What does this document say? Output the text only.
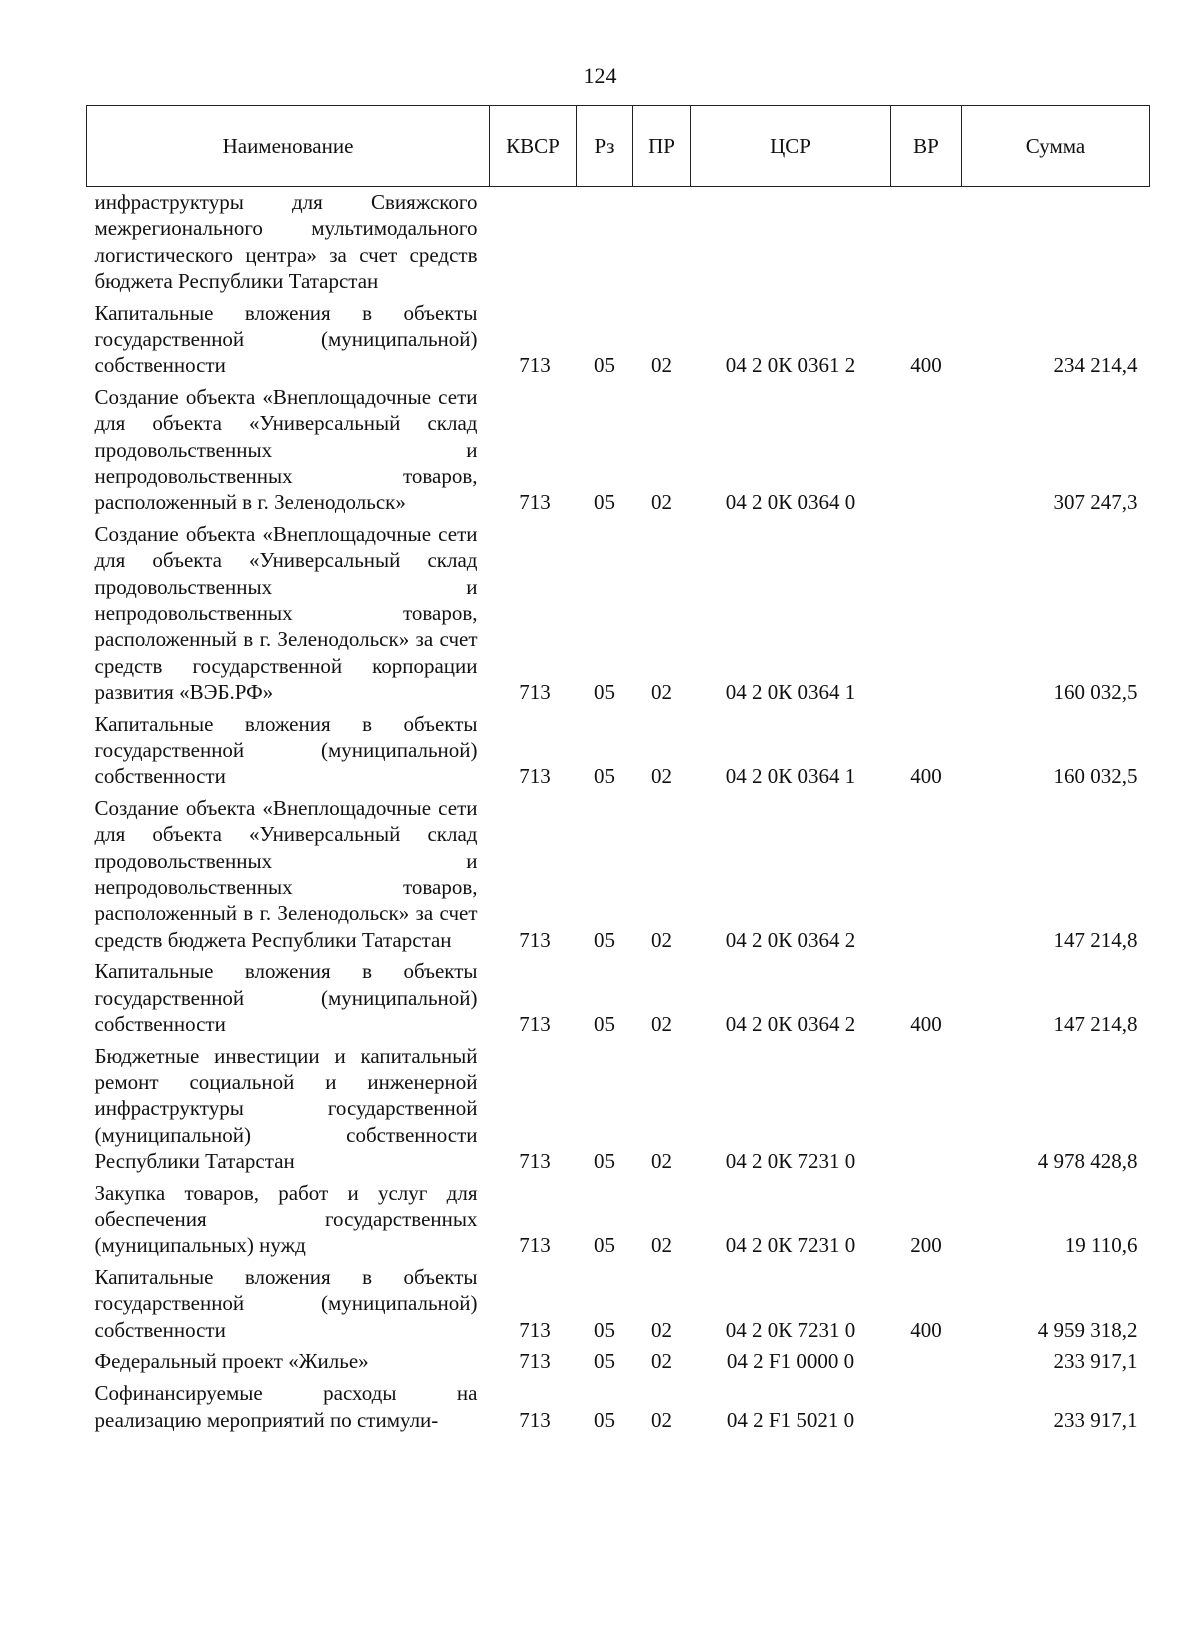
124
Наименование	КВСР	Рз	ПР	ЦСР	ВР	Сумма

инфраструктуры для Свияжского межрегионального мультимодального логистического центра» за счет средств бюджета Республики Татарстан						

Капитальные вложения в объекты государственной (муниципальной) собственности	713	05	02	04 2 0К 0361 2	400	234 214,4

Создание объекта «Внеплощадочные сети для объекта «Универсальный склад продовольственных и непродовольственных товаров, расположенный в г. Зеленодольск»	713	05	02	04 2 0К 0364 0		307 247,3

Создание объекта «Внеплощадочные сети для объекта «Универсальный склад продовольственных и непродовольственных товаров, расположенный в г. Зеленодольск» за счет средств государственной корпорации развития «ВЭБ.РФ»	713	05	02	04 2 0К 0364 1		160 032,5

Капитальные вложения в объекты государственной (муниципальной) собственности	713	05	02	04 2 0К 0364 1	400	160 032,5

Создание объекта «Внеплощадочные сети для объекта «Универсальный склад продовольственных и непродовольственных товаров, расположенный в г. Зеленодольск» за счет средств бюджета Республики Татарстан	713	05	02	04 2 0К 0364 2		147 214,8

Капитальные вложения в объекты государственной (муниципальной) собственности	713	05	02	04 2 0К 0364 2	400	147 214,8

Бюджетные инвестиции и капитальный ремонт социальной и инженерной инфраструктуры государственной (муниципальной) собственности Республики Татарстан	713	05	02	04 2 0К 7231 0		4 978 428,8

Закупка товаров, работ и услуг для обеспечения государственных (муниципальных) нужд	713	05	02	04 2 0К 7231 0	200	19 110,6

Капитальные вложения в объекты государственной (муниципальной) собственности	713	05	02	04 2 0К 7231 0	400	4 959 318,2

Федеральный проект «Жилье»	713	05	02	04 2 F1 0000 0		233 917,1

Софинансируемые расходы на реализацию мероприятий по стимули-	713	05	02	04 2 F1 5021 0		233 917,1
